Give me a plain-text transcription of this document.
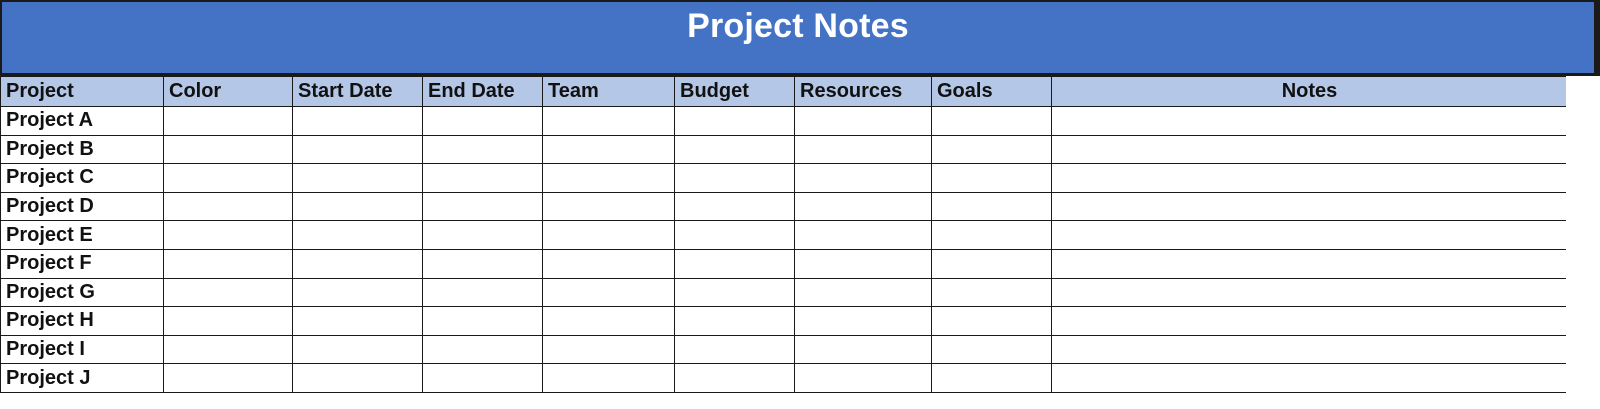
Project Notes
Project	Color	Start Date	End Date	Team	Budget	Resources	Goals	Notes
Project A								
Project B								
Project C								
Project D								
Project E								
Project F								
Project G								
Project H								
Project I								
Project J								
